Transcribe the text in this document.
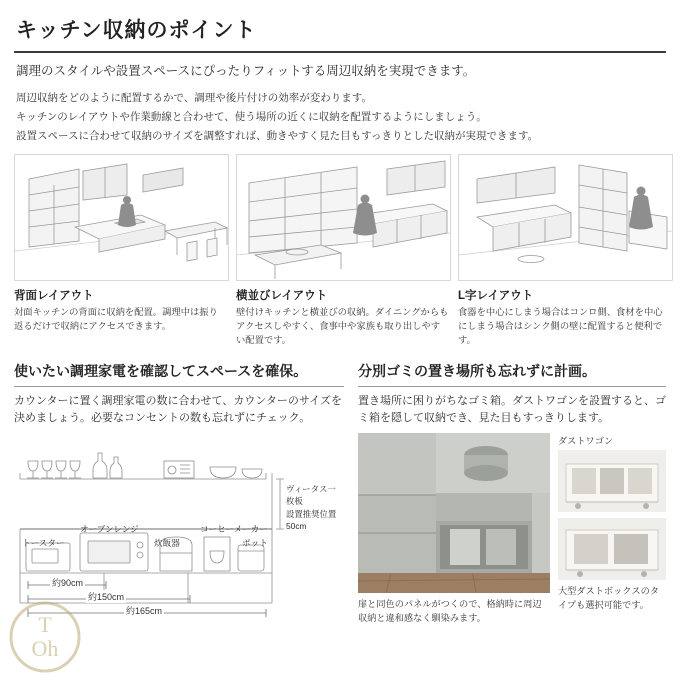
キッチン収納のポイント
調理のスタイルや設置スペースにぴったりフィットする周辺収納を実現できます。
周辺収納をどのように配置するかで、調理や後片付けの効率が変わります。
キッチンのレイアウトや作業動線と合わせて、使う場所の近くに収納を配置するようにしましょう。
設置スペースに合わせて収納のサイズを調整すれば、動きやすく見た目もすっきりとした収納が実現できます。
背面レイアウト
対面キッチンの背面に収納を配置。調理中は振り返るだけで収納にアクセスできます。
横並びレイアウト
壁付けキッチンと横並びの収納。ダイニングからもアクセスしやすく、食事中や家族も取り出しやすい配置です。
L字レイアウト
食器を中心にしまう場合はコンロ側、食材を中心にしまう場合はシンク側の壁に配置すると便利です。
使いたい調理家電を確認してスペースを確保。
カウンターに置く調理家電の数に合わせて、カウンターのサイズを決めましょう。必要なコンセントの数も忘れずにチェック。
トースター
オーブンレンジ
炊飯器
コーヒーメーカー
ポット
ヴィータス一枚板
設置推奨位置
50cm
約90cm
約150cm
約165cm
分別ゴミの置き場所も忘れずに計画。
置き場所に困りがちなゴミ箱。ダストワゴンを設置すると、ゴミ箱を隠して収納でき、見た目もすっきりします。
扉と同色のパネルがつくので、格納時に周辺収納と違和感なく馴染みます。
ダストワゴン
大型ダストボックスのタイプも選択可能です。
T
Oh
